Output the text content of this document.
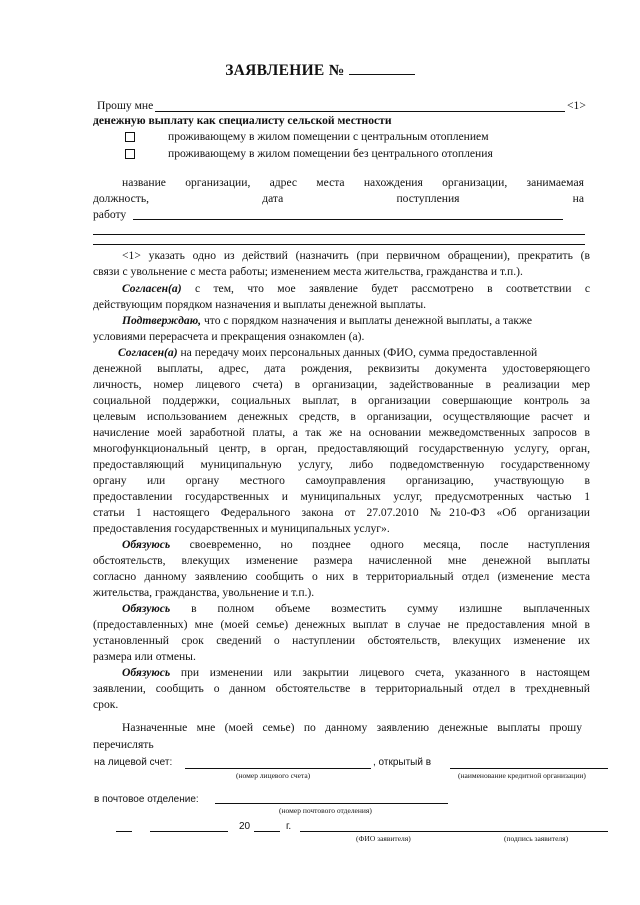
ЗАЯВЛЕНИЕ №
Прошу мне	<1>
денежную выплату как специалисту сельской местности
проживающему в жилом помещении с центральным отоплением
проживающему в жилом помещении без центрального отопления
название организации, адрес места нахождения организации, занимаемая
должность,	дата	поступления	на
работу
<1> указать одно из действий (назначить (при первичном обращении), прекратить (в
связи с увольнение с места работы; изменением места жительства, гражданства и т.п.).
Согласен(а) с тем, что мое заявление будет рассмотрено в соответствии с
действующим порядком назначения и выплаты денежной выплаты.
Подтверждаю, что с порядком назначения и выплаты денежной выплаты, а также
условиями перерасчета и прекращения ознакомлен (а).
Согласен(а) на передачу моих персональных данных (ФИО, сумма предоставленной
денежной выплаты, адрес, дата рождения, реквизиты документа удостоверяющего
личность, номер лицевого счета) в организации, задействованные в реализации мер
социальной поддержки, социальных выплат, в организации совершающие контроль за
целевым использованием денежных средств, в организации, осуществляющие расчет и
начисление моей заработной платы, а так же на основании межведомственных запросов в
многофункциональный центр, в орган, предоставляющий государственную услугу, орган,
предоставляющий муниципальную услугу, либо подведомственную государственному
органу или органу местного самоуправления организацию, участвующую в
предоставлении государственных и муниципальных услуг, предусмотренных частью 1
статьи 1 настоящего Федерального закона от 27.07.2010 №210-ФЗ «Об организации
предоставления государственных и муниципальных услуг».
Обязуюсь своевременно, но позднее одного месяца, после наступления
обстоятельств, влекущих изменение размера начисленной мне денежной выплаты
согласно данному заявлению сообщить о них в территориальный отдел (изменение места
жительства, гражданства, увольнение и т.п.).
Обязуюсь в полном объеме возместить сумму излишне выплаченных
(предоставленных) мне (моей семье) денежных выплат в случае не предоставления мной в
установленный срок сведений о наступлении обстоятельств, влекущих изменение их
размера или отмены.
Обязуюсь при изменении или закрытии лицевого счета, указанного в настоящем
заявлении, сообщить о данном обстоятельстве в территориальный отдел в трехдневный
срок.
Назначенные мне (моей семье) по данному заявлению денежные выплаты прошу
перечислять
на лицевой счет:	, открытый в
(номер лицевого счета)	(наименование кредитной организации)
в почтовое отделение:
(номер почтового отделения)
20	г.
(ФИО заявителя)	(подпись заявителя)
